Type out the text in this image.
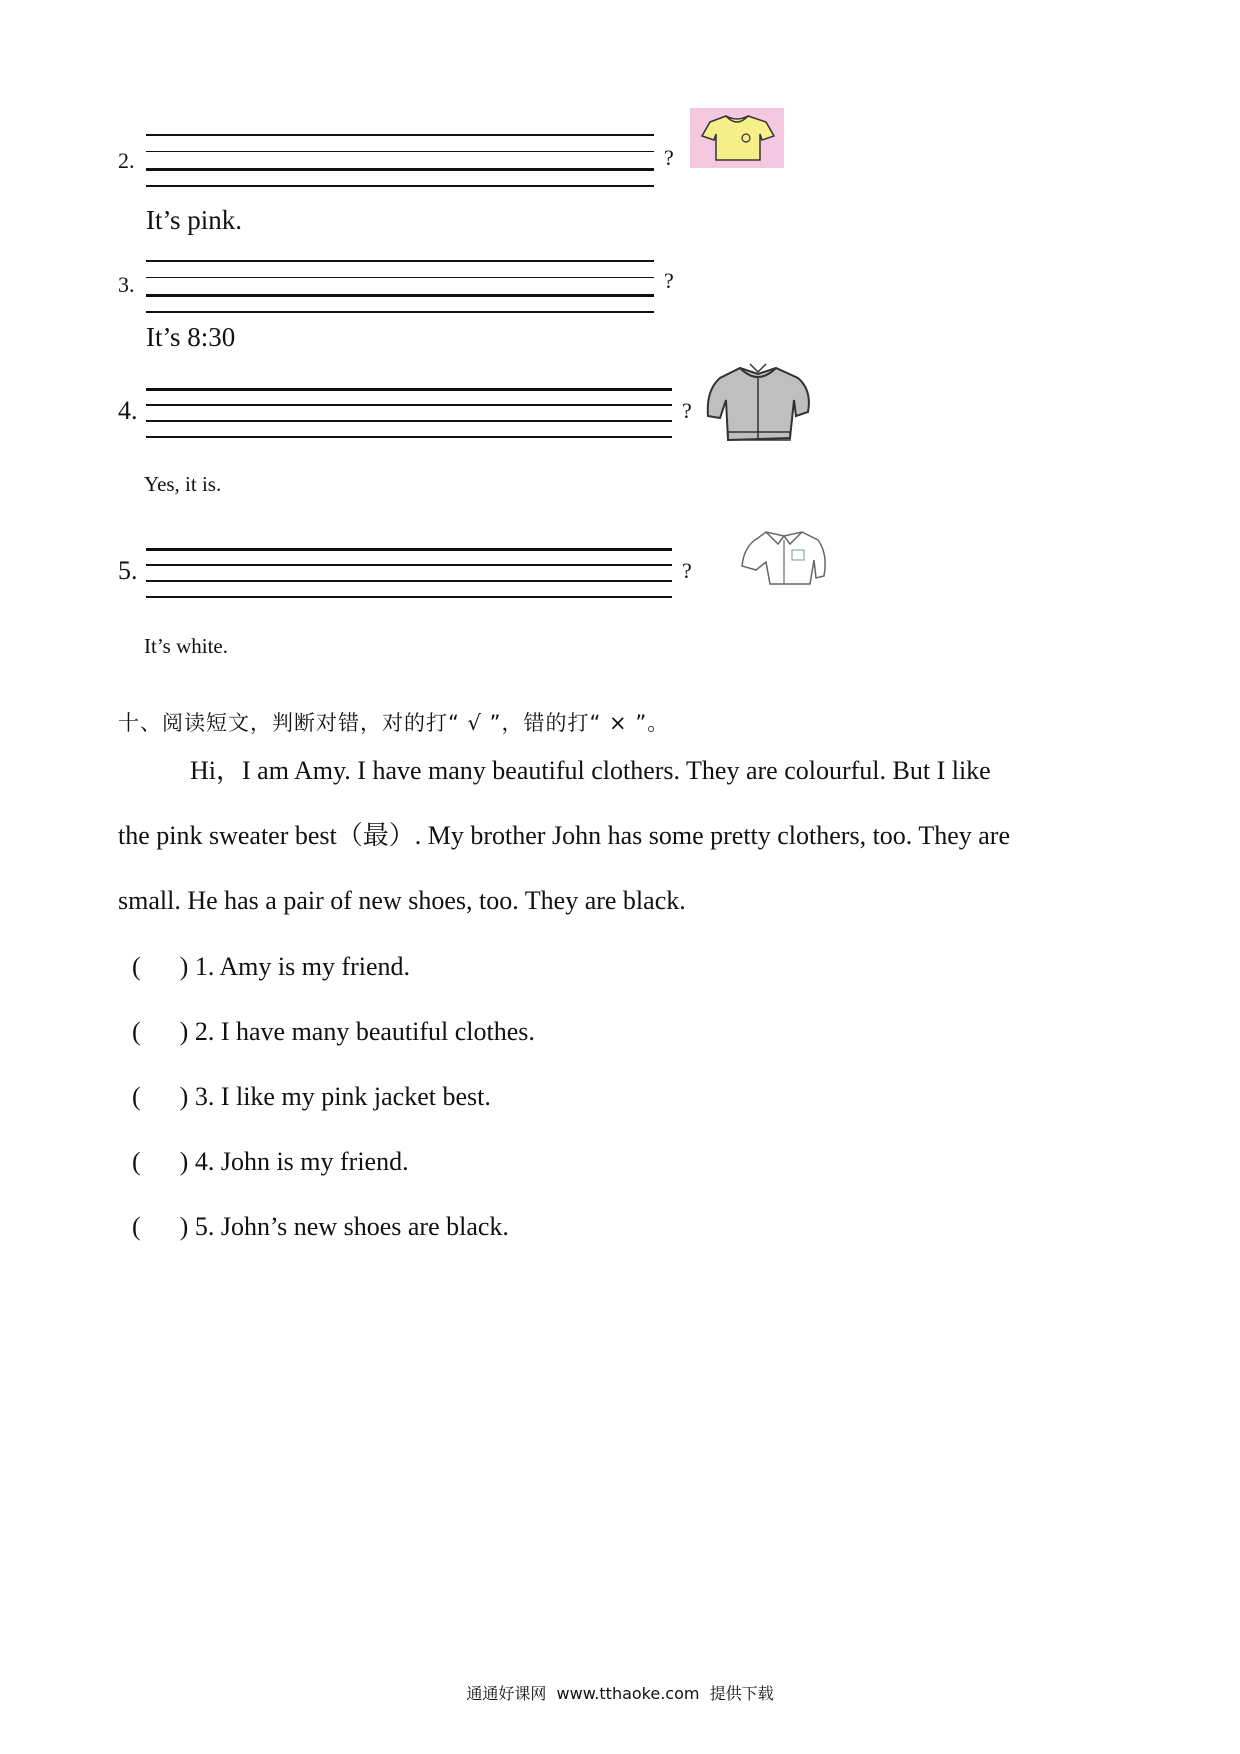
2.	?
It’s pink.
3.	?
It’s 8:30
4.	?
Yes, it is.
5.	?
It’s white.
十、阅读短文，判断对错，对的打“ √ ”，错的打“ × ”。
Hi，I am Amy. I have many beautiful clothers. They are colourful. But I like
the pink sweater best（最）. My brother John has some pretty clothers, too. They are
small. He has a pair of new shoes, too. They are black.
(      ) 1. Amy is my friend.
(      ) 2. I have many beautiful clothes.
(      ) 3. I like my pink jacket best.
(      ) 4. John is my friend.
(      ) 5. John’s new shoes are black.
通通好课网  www.tthaoke.com  提供下载
